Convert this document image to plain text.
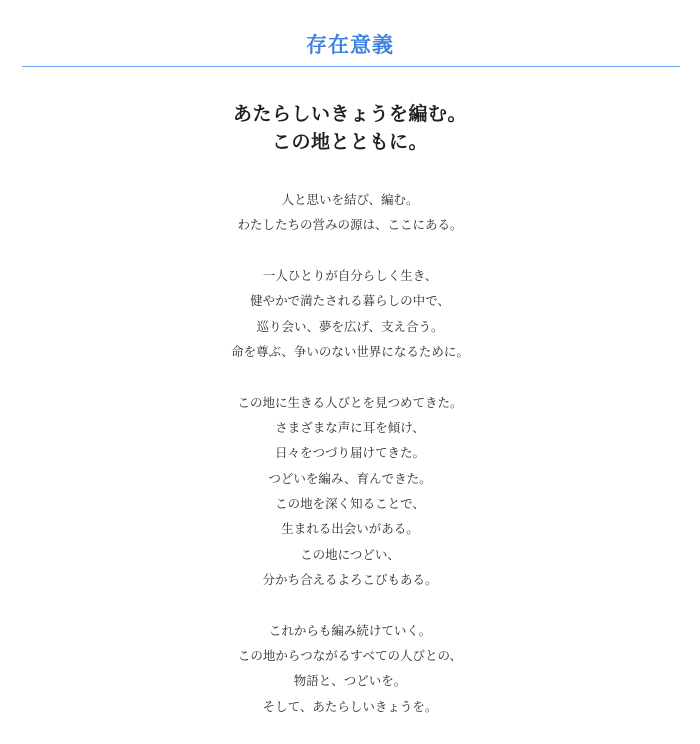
存在意義
あたらしいきょうを編む。
この地とともに。
人と思いを結び、編む。
わたしたちの営みの源は、ここにある。
一人ひとりが自分らしく生き、
健やかで満たされる暮らしの中で、
巡り会い、夢を広げ、支え合う。
命を尊ぶ、争いのない世界になるために。
この地に生きる人びとを見つめてきた。
さまざまな声に耳を傾け、
日々をつづり届けてきた。
つどいを編み、育んできた。
この地を深く知ることで、
生まれる出会いがある。
この地につどい、
分かち合えるよろこびもある。
これからも編み続けていく。
この地からつながるすべての人びとの、
物語と、つどいを。
そして、あたらしいきょうを。
